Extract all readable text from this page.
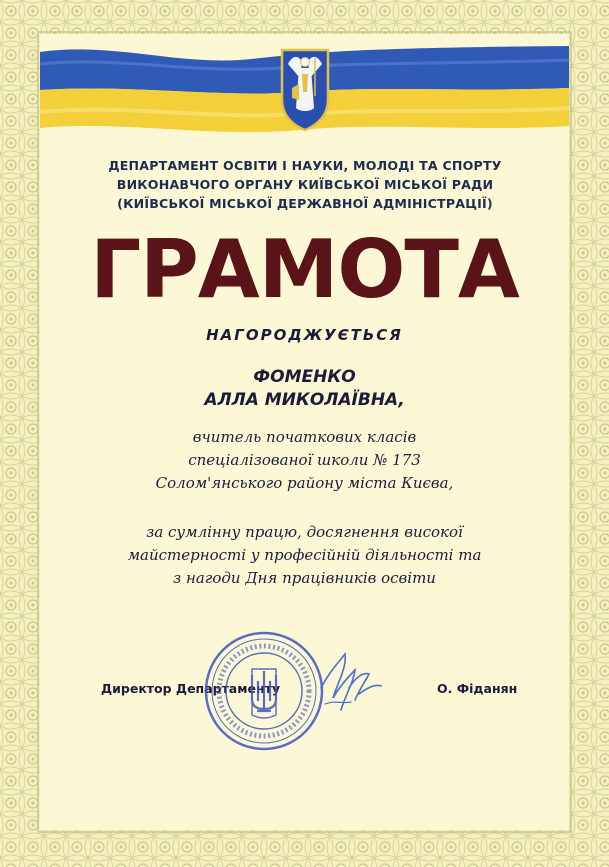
ДЕПАРТАМЕНТ ОСВІТИ І НАУКИ, МОЛОДІ ТА СПОРТУ
ВИКОНАВЧОГО ОРГАНУ КИЇВСЬКОЇ МІСЬКОЇ РАДИ
(КИЇВСЬКОЇ МІСЬКОЇ ДЕРЖАВНОЇ АДМІНІСТРАЦІЇ)
ГРАМОТА
НАГОРОДЖУЄТЬСЯ
ФОМЕНКО
АЛЛА МИКОЛАЇВНА,
вчитель початкових класів
спеціалізованої школи № 173
Солом'янського району міста Києва,
за сумлінну працю, досягнення високої
майстерності у професійній діяльності та
з нагоди Дня працівників освіти
Директор Департаменту	О. Фіданян
